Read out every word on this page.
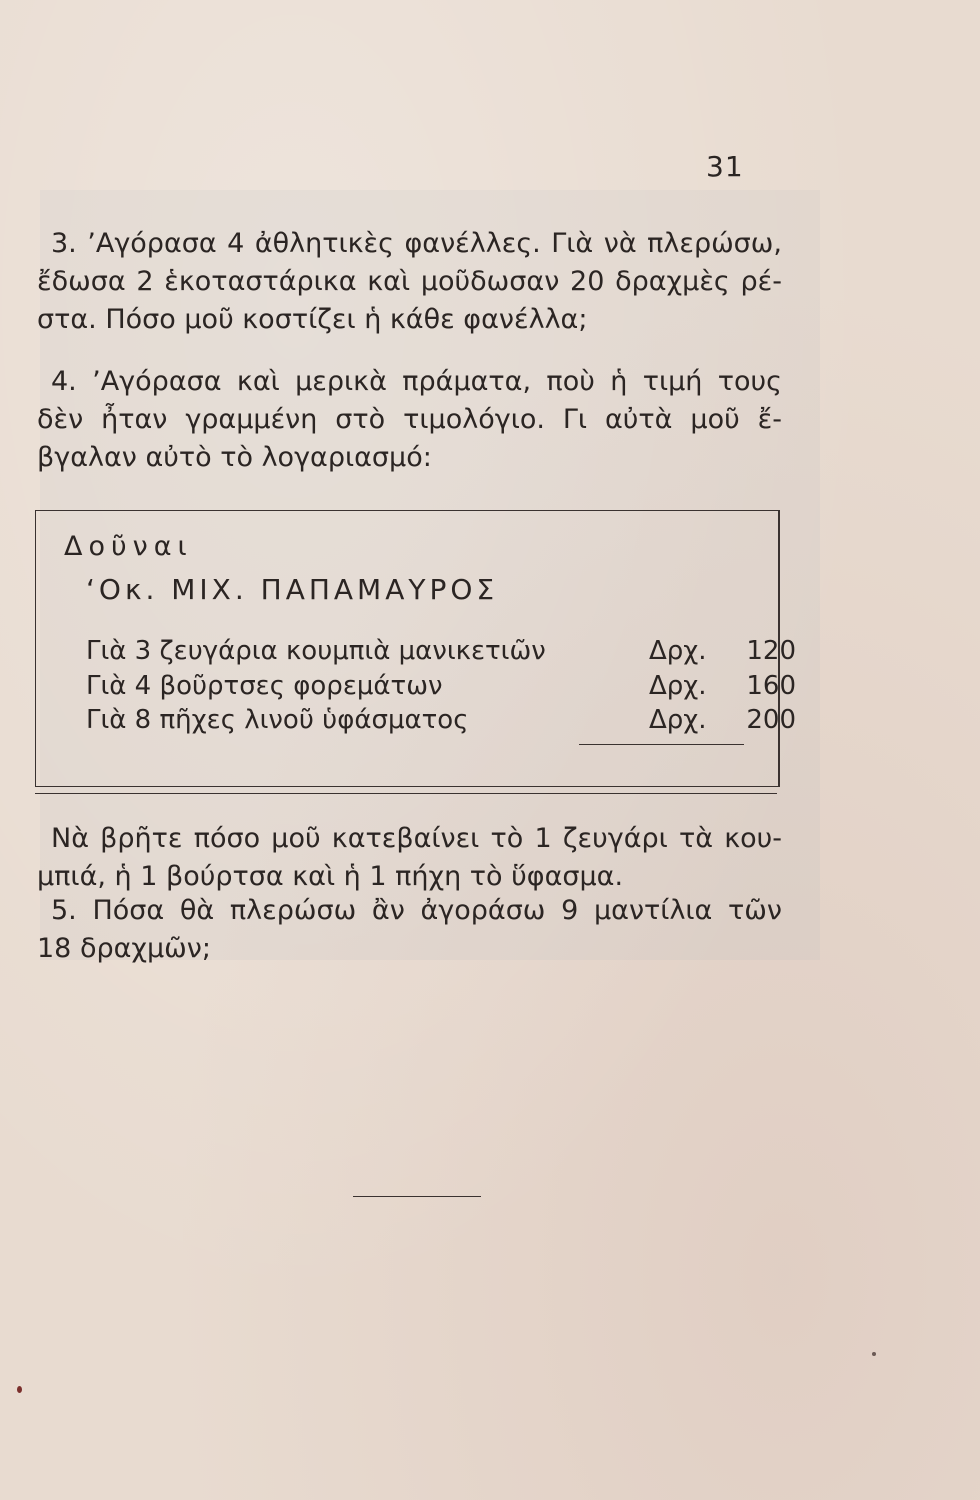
31

3. ’Αγόρασα 4 ἀθλητικὲς φανέλλες. Γιὰ νὰ πλερώσω,
ἔδωσα 2 ἑκοταστάρικα καὶ μοῦδωσαν 20 δραχμὲς ρέ-
στα. Πόσο μοῦ κοστίζει ἡ κάθε φανέλλα;

4. ’Αγόρασα καὶ μερικὰ πράματα, ποὺ ἡ τιμή τους
δὲν ἦταν γραμμένη στὸ τιμολόγιο. Γι αὐτὰ μοῦ ἔ-
βγαλαν αὐτὸ τὸ λογαριασμό:

Δοῦναι
‘Οκ. ΜΙΧ. ΠΑΠΑΜΑΥΡΟΣ
Γιὰ 3 ζευγάρια κουμπιὰ μανικετιῶν	Δρχ.	120
Γιὰ 4 βοῦρτσες φορεμάτων	Δρχ.	160
Γιὰ 8 πῆχες λινοῦ ὑφάσματος	Δρχ.	200

Νὰ βρῆτε πόσο μοῦ κατεβαίνει τὸ 1 ζευγάρι τὰ κου-
μπιά, ἡ 1 βούρτσα καὶ ἡ 1 πήχη τὸ ὕφασμα.

5. Πόσα θὰ πλερώσω ἂν ἀγοράσω 9 μαντίλια τῶν
18 δραχμῶν;
